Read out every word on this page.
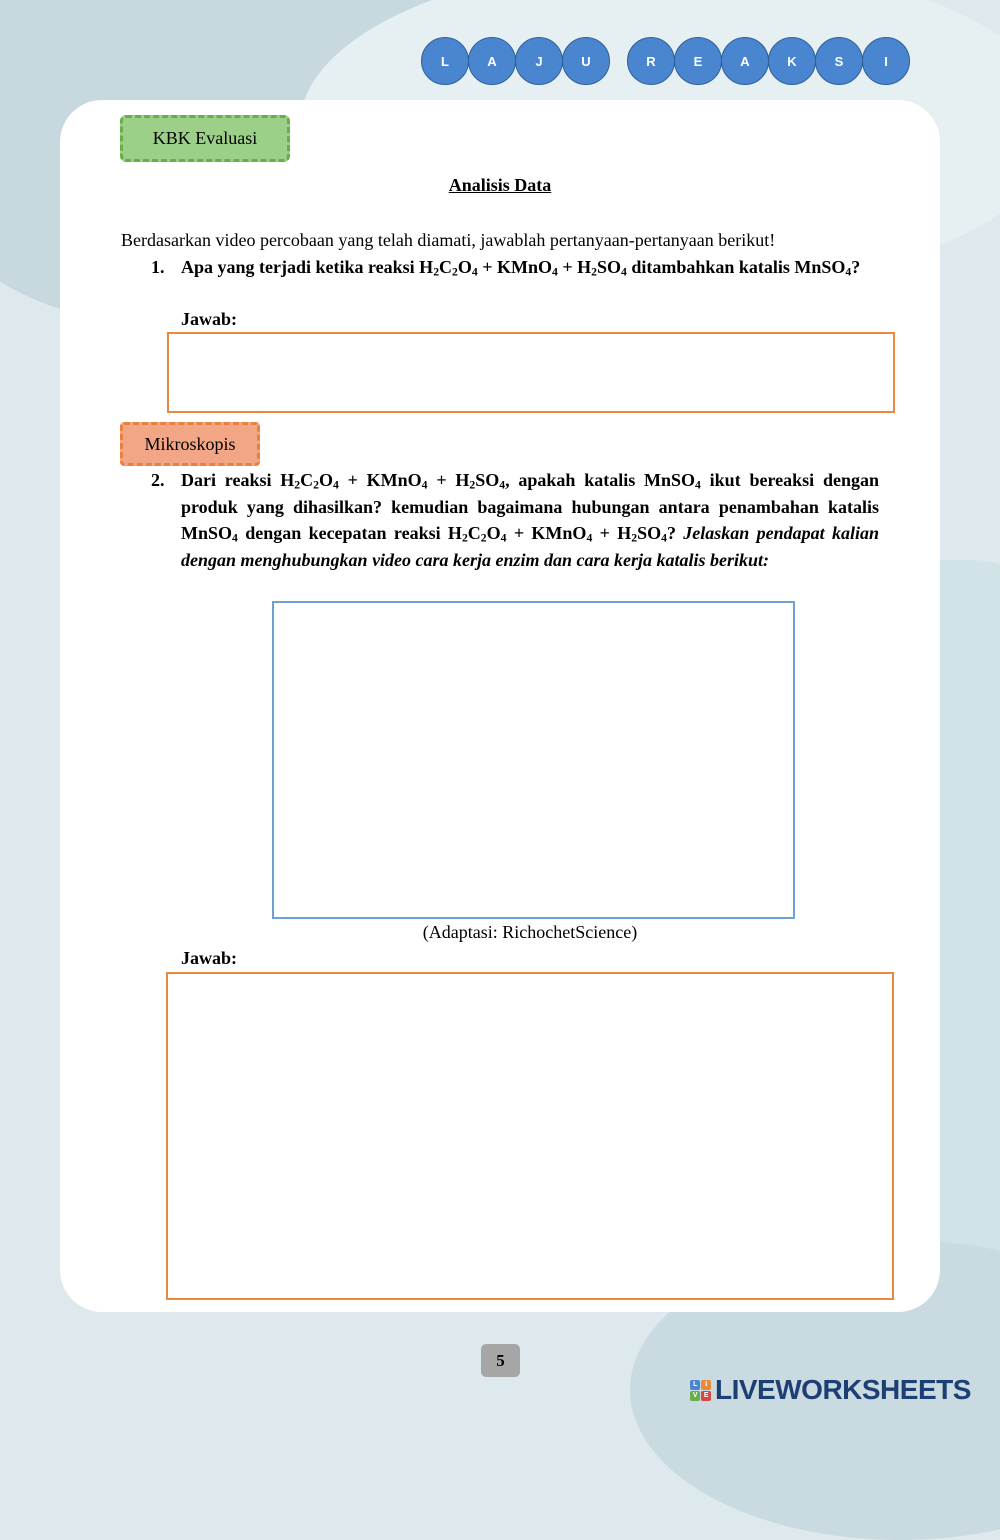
L	A	J	U	R	E	A	K	S	I
KBK Evaluasi
Analisis Data
Berdasarkan video percobaan yang telah diamati, jawablah pertanyaan-pertanyaan berikut!
1. Apa yang terjadi ketika reaksi $H_2C_2O_4$ + KMnO$_4$ + $H_2SO_4$ ditambahkan katalis MnSO$_4$?
Jawab:
Mikroskopis
2. Dari reaksi $H_2C_2O_4$ + KMnO$_4$ + $H_2SO_4$, apakah katalis MnSO$_4$ ikut bereaksi dengan produk yang dihasilkan? kemudian bagaimana hubungan antara penambahan katalis MnSO$_4$ dengan kecepatan reaksi $H_2C_2O_4$ + KMnO$_4$ + $H_2SO_4$? Jelaskan pendapat kalian dengan menghubungkan video cara kerja enzim dan cara kerja katalis berikut:
(Adaptasi: RichochetScience)
Jawab:
5
L	I
V E LIVEWORKSHEETS
